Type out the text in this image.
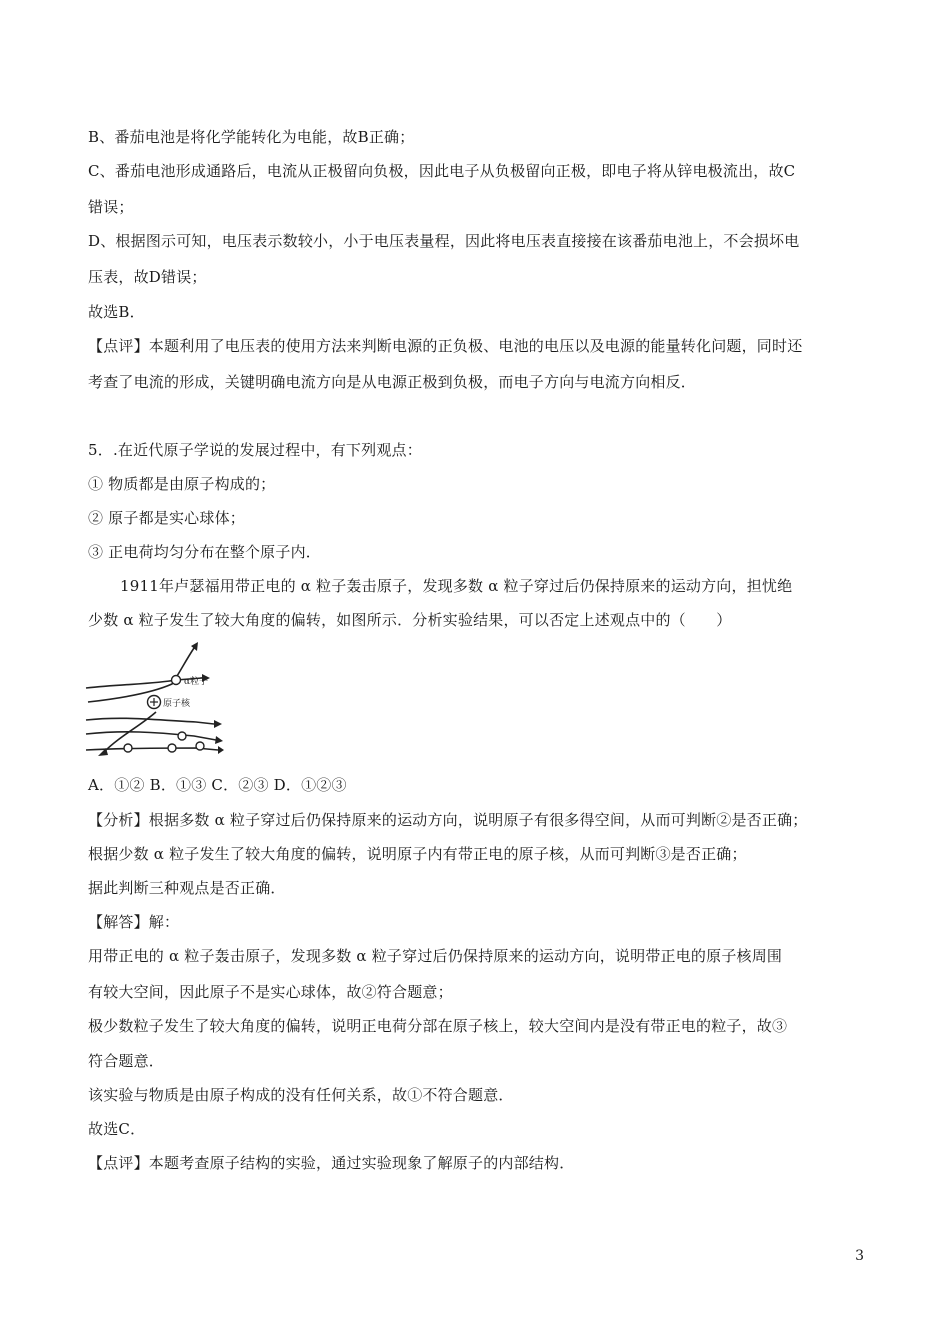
B、番茄电池是将化学能转化为电能，故B正确；
C、番茄电池形成通路后，电流从正极留向负极，因此电子从负极留向正极，即电子将从锌电极流出，故C
错误；
D、根据图示可知，电压表示数较小，小于电压表量程，因此将电压表直接接在该番茄电池上，不会损坏电
压表，故D错误；
故选B．
【点评】本题利用了电压表的使用方法来判断电源的正负极、电池的电压以及电源的能量转化问题，同时还
考查了电流的形成，关键明确电流方向是从电源正极到负极，而电子方向与电流方向相反．
5．.在近代原子学说的发展过程中，有下列观点：
① 物质都是由原子构成的；
② 原子都是实心球体；
③ 正电荷均匀分布在整个原子内．
1911年卢瑟福用带正电的 α 粒子轰击原子，发现多数 α 粒子穿过后仍保持原来的运动方向，担忧绝
少数 α 粒子发生了较大角度的偏转，如图所示．分析实验结果，可以否定上述观点中的（　　）
α粒子
原子核
A．①② B．①③ C．②③ D．①②③
【分析】根据多数 α 粒子穿过后仍保持原来的运动方向，说明原子有很多得空间，从而可判断②是否正确；
根据少数 α 粒子发生了较大角度的偏转，说明原子内有带正电的原子核，从而可判断③是否正确；
据此判断三种观点是否正确．
【解答】解：
用带正电的 α 粒子轰击原子，发现多数 α 粒子穿过后仍保持原来的运动方向，说明带正电的原子核周围
有较大空间，因此原子不是实心球体，故②符合题意；
极少数粒子发生了较大角度的偏转，说明正电荷分部在原子核上，较大空间内是没有带正电的粒子，故③
符合题意．
该实验与物质是由原子构成的没有任何关系，故①不符合题意．
故选C．
【点评】本题考查原子结构的实验，通过实验现象了解原子的内部结构．
3
